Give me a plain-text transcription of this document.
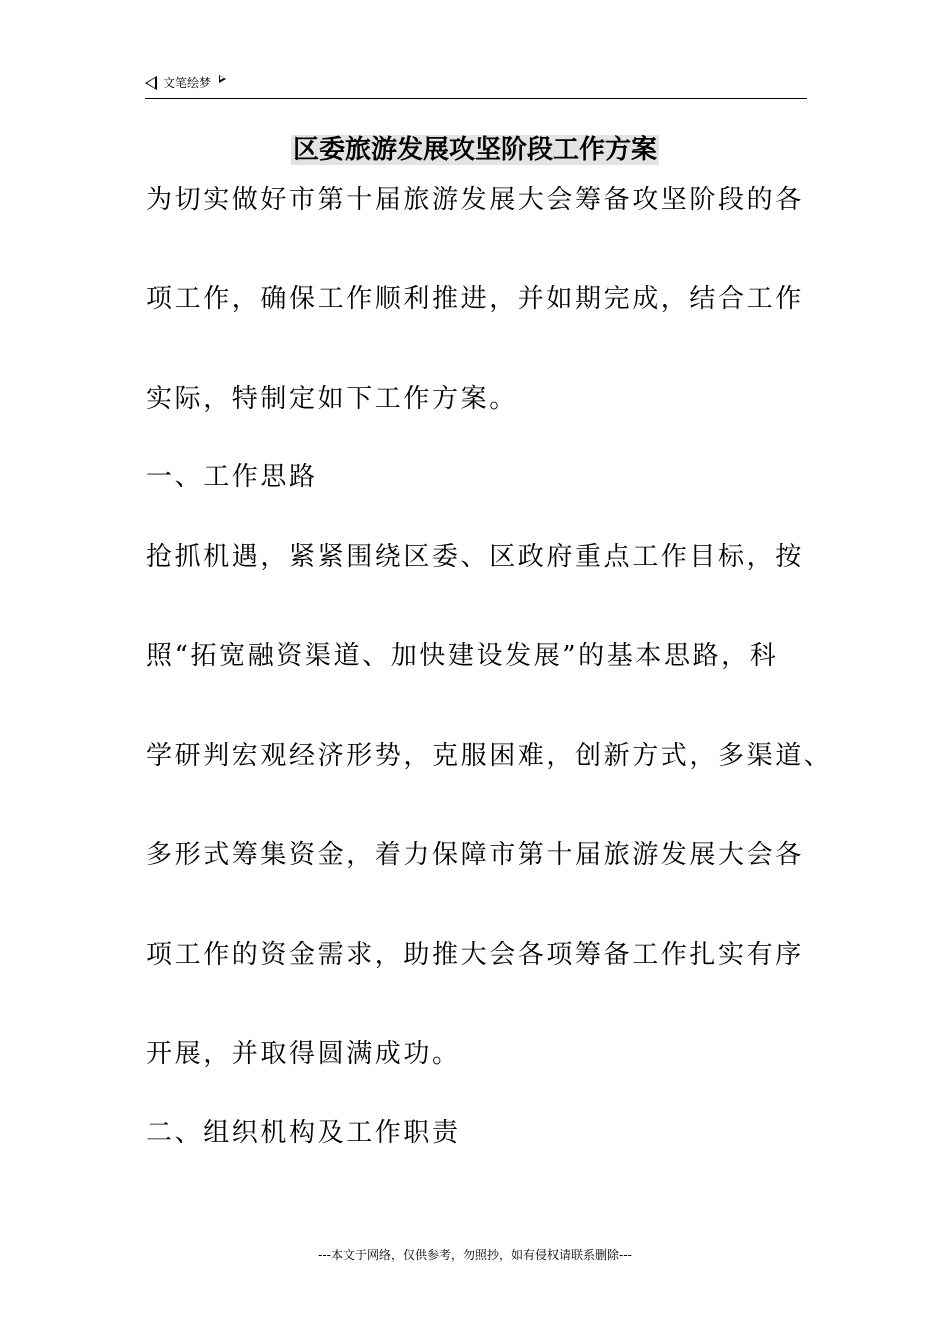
文笔绘梦
区委旅游发展攻坚阶段工作方案
为切实做好市第十届旅游发展大会筹备攻坚阶段的各
项工作，确保工作顺利推进，并如期完成，结合工作
实际，特制定如下工作方案。
一、工作思路
抢抓机遇，紧紧围绕区委、区政府重点工作目标，按
照“拓宽融资渠道、加快建设发展”的基本思路，科
学研判宏观经济形势，克服困难，创新方式，多渠道、
多形式筹集资金，着力保障市第十届旅游发展大会各
项工作的资金需求，助推大会各项筹备工作扎实有序
开展，并取得圆满成功。
二、组织机构及工作职责
---本文于网络，仅供参考，勿照抄，如有侵权请联系删除---
